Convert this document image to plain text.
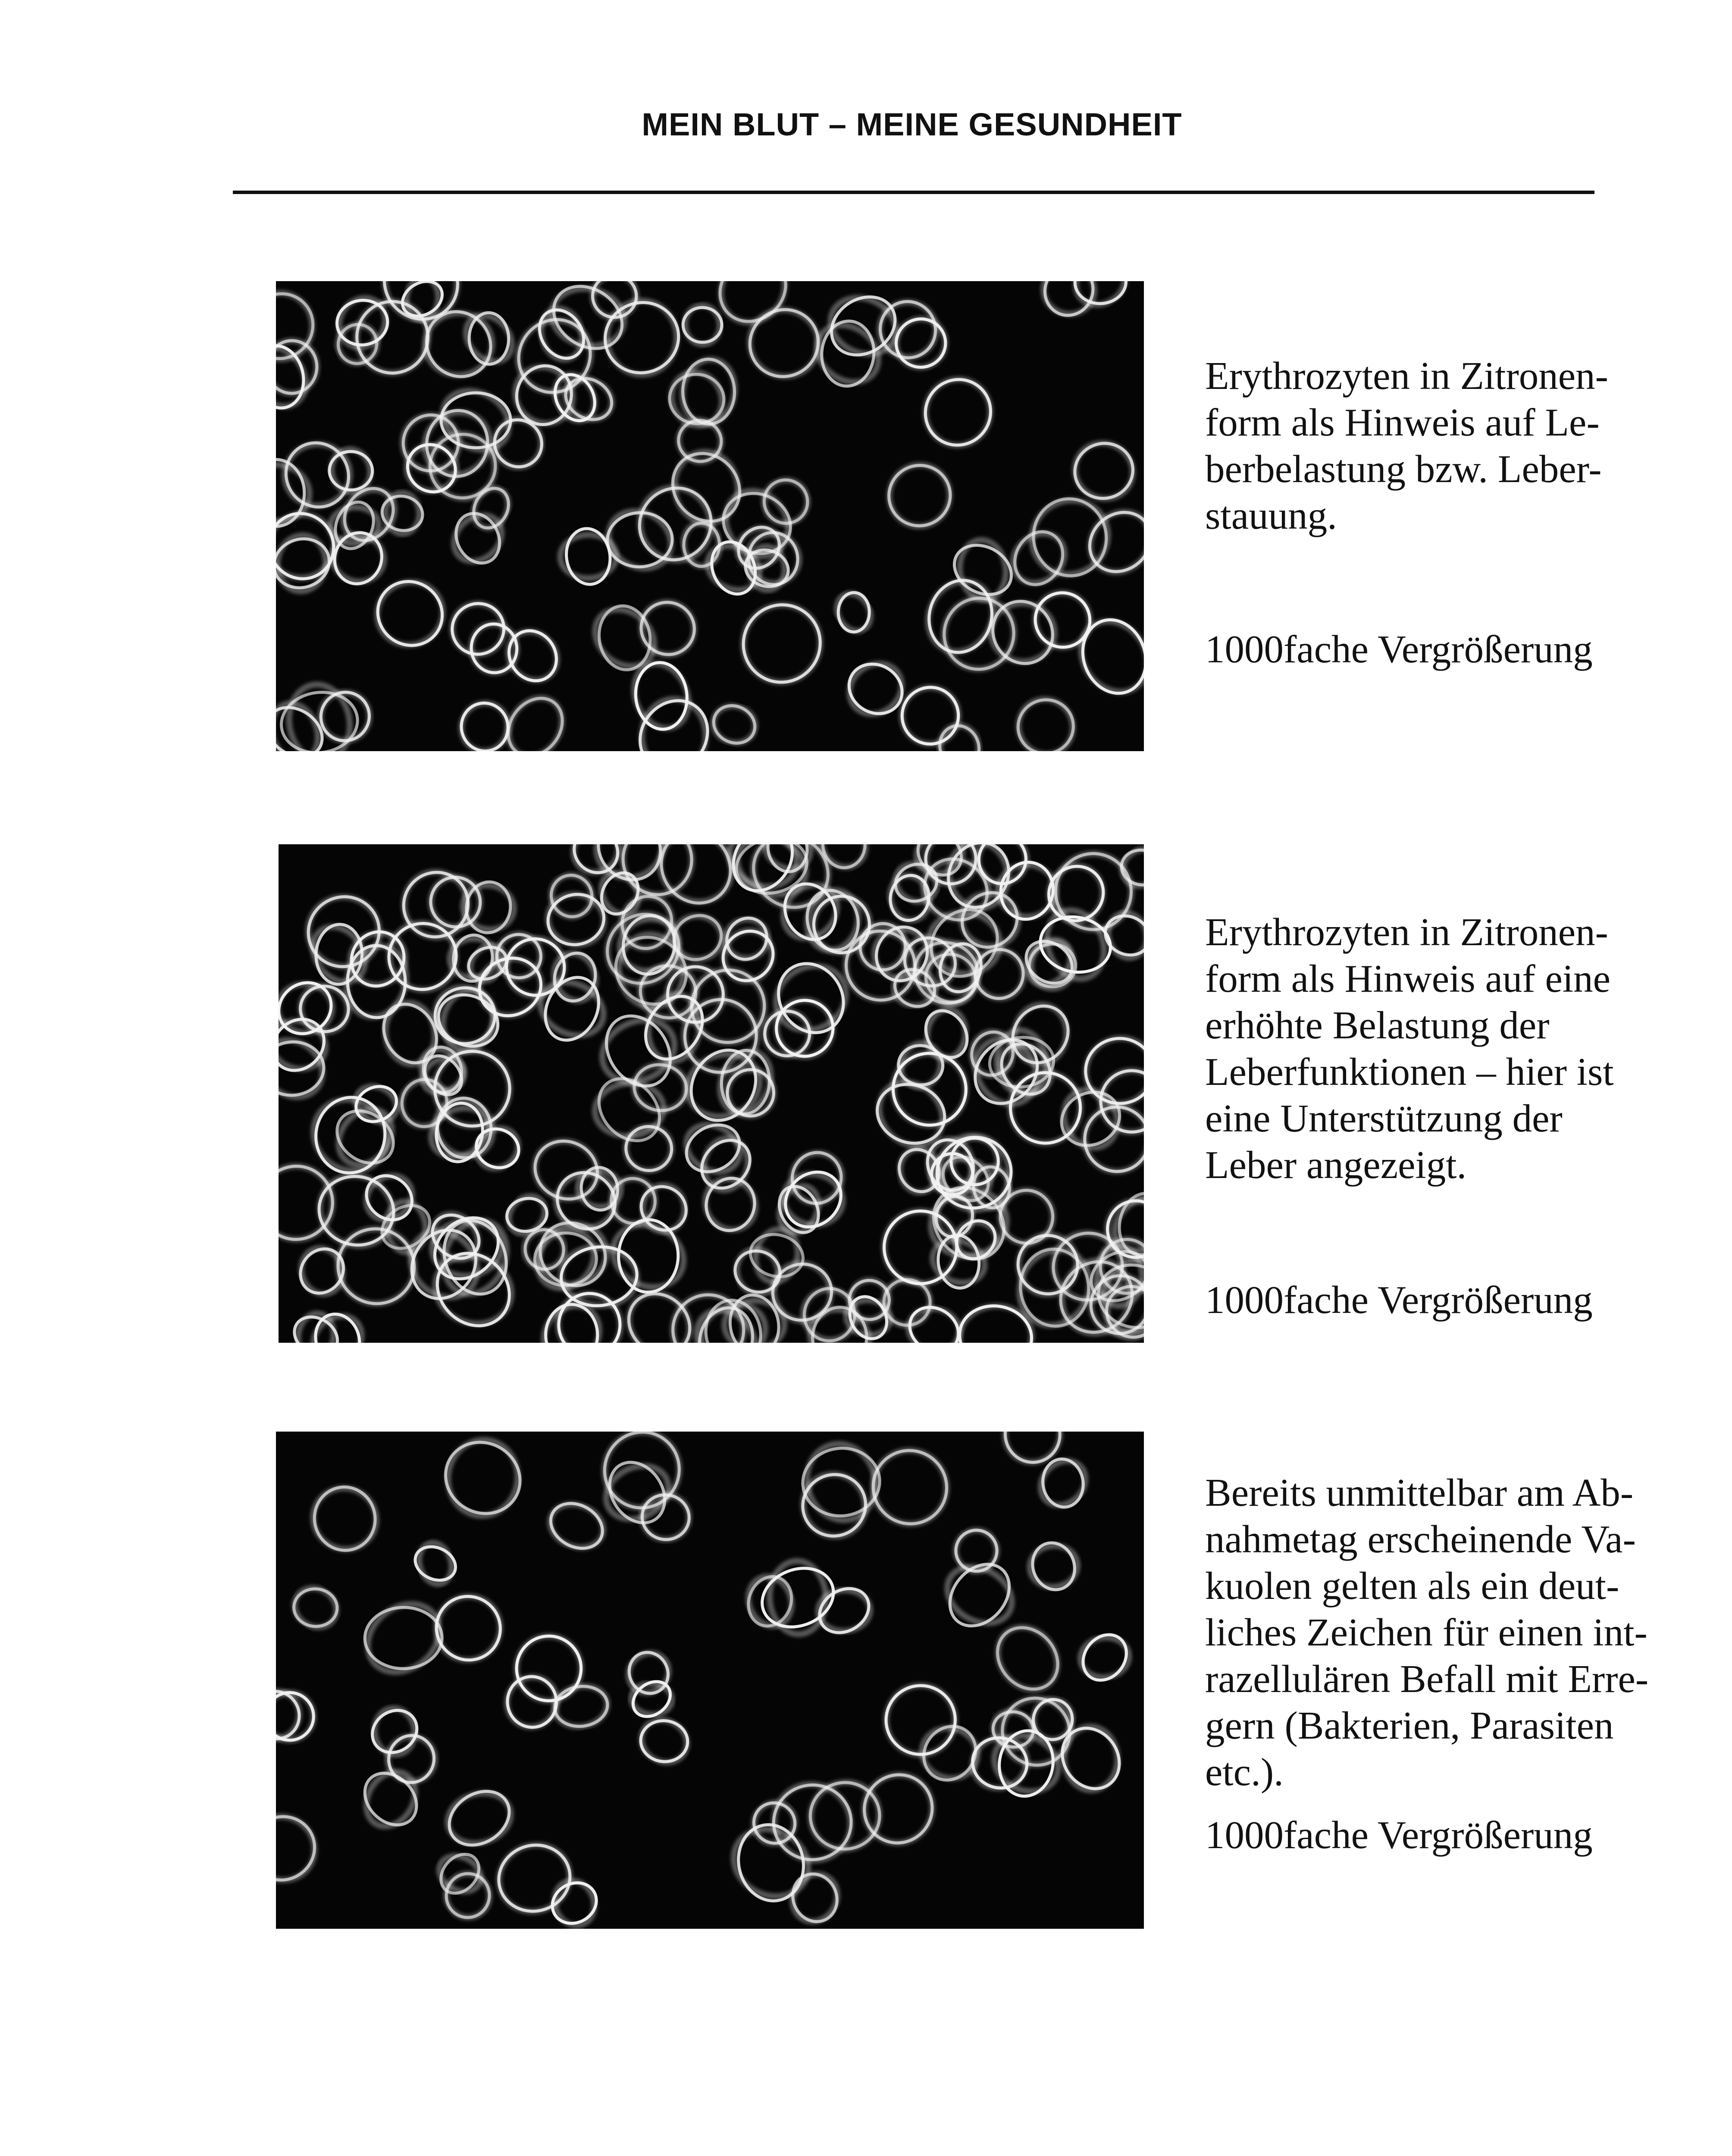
MEIN BLUT – MEINE GESUNDHEIT

Erythrozyten in Zitronen-

form als Hinweis auf Le-

berbelastung bzw. Leber-

stauung.

1000fache Vergrößerung

Erythrozyten in Zitronen-

form als Hinweis auf eine

erhöhte Belastung der

Leberfunktionen – hier ist

eine Unterstützung der

Leber angezeigt.

1000fache Vergrößerung

Bereits unmittelbar am Ab-

nahmetag erscheinende Va-

kuolen gelten als ein deut-

liches Zeichen für einen int-

razellulären Befall mit Erre-

gern (Bakterien, Parasiten

etc.).

1000fache Vergrößerung
